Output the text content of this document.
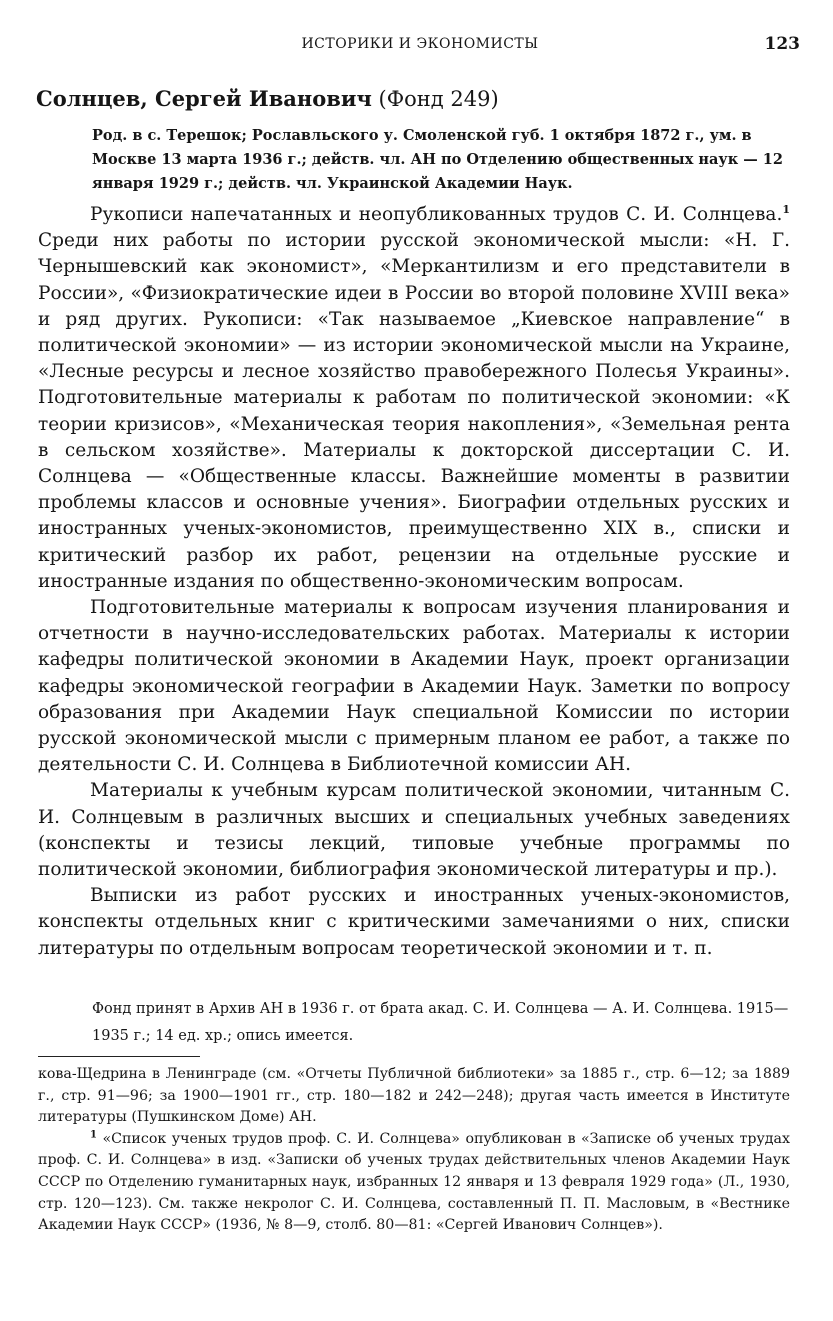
ИСТОРИКИ И ЭКОНОМИСТЫ	123
Солнцев, Сергей Иванович (Фонд 249)
Род. в с. Терешок; Рославльского у. Смоленской губ. 1 октября 1872 г., ум. в Москве 13 марта 1936 г.; действ. чл. АН по Отделению общественных наук — 12 января 1929 г.; действ. чл. Украинской Академии Наук.

Рукописи напечатанных и неопубликованных трудов С. И. Солнцева.$^1$ Среди них работы по истории русской экономической мысли: «Н. Г. Чернышевский как экономист», «Меркантилизм и его представители в России», «Физиократические идеи в России во второй половине XVIII века» и ряд других. Рукописи: «Так называемое „Киевское направление“ в политической экономии» — из истории экономической мысли на Украине, «Лесные ресурсы и лесное хозяйство правобережного Полесья Украины». Подготовительные материалы к работам по политической экономии: «К теории кризисов», «Механическая теория накопления», «Земельная рента в сельском хозяйстве». Материалы к докторской диссертации С. И. Солнцева — «Общественные классы. Важнейшие моменты в развитии проблемы классов и основные учения». Биографии отдельных русских и иностранных ученых-экономистов, преимущественно XIX в., списки и критический разбор их работ, рецензии на отдельные русские и иностранные издания по общественно-экономическим вопросам.

Подготовительные материалы к вопросам изучения планирования и отчетности в научно-исследовательских работах. Материалы к истории кафедры политической экономии в Академии Наук, проект организации кафедры экономической географии в Академии Наук. Заметки по вопросу образования при Академии Наук специальной Комиссии по истории русской экономической мысли с примерным планом ее работ, а также по деятельности С. И. Солнцева в Библиотечной комиссии АН.

Материалы к учебным курсам политической экономии, читанным С. И. Солнцевым в различных высших и специальных учебных заведениях (конспекты и тезисы лекций, типовые учебные программы по политической экономии, библиография экономической литературы и пр.).

Выписки из работ русских и иностранных ученых-экономистов, конспекты отдельных книг с критическими замечаниями о них, списки литературы по отдельным вопросам теоретической экономии и т. п.

Фонд принят в Архив АН в 1936 г. от брата акад. С. И. Солнцева — А. И. Солнцева. 1915—1935 г.; 14 ед. хр.; опись имеется.

кова-Щедрина в Ленинграде (см. «Отчеты Публичной библиотеки» за 1885 г., стр. 6—12; за 1889 г., стр. 91—96; за 1900—1901 гг., стр. 180—182 и 242—248); другая часть имеется в Институте литературы (Пушкинском Доме) АН.

$^1$ «Список ученых трудов проф. С. И. Солнцева» опубликован в «Записке об ученых трудах проф. С. И. Солнцева» в изд. «Записки об ученых трудах действительных членов Академии Наук СССР по Отделению гуманитарных наук, избранных 12 января и 13 февраля 1929 года» (Л., 1930, стр. 120—123). См. также некролог С. И. Солнцева, составленный П. П. Масловым, в «Вестнике Академии Наук СССР» (1936, № 8—9, столб. 80—81: «Сергей Иванович Солнцев»).
